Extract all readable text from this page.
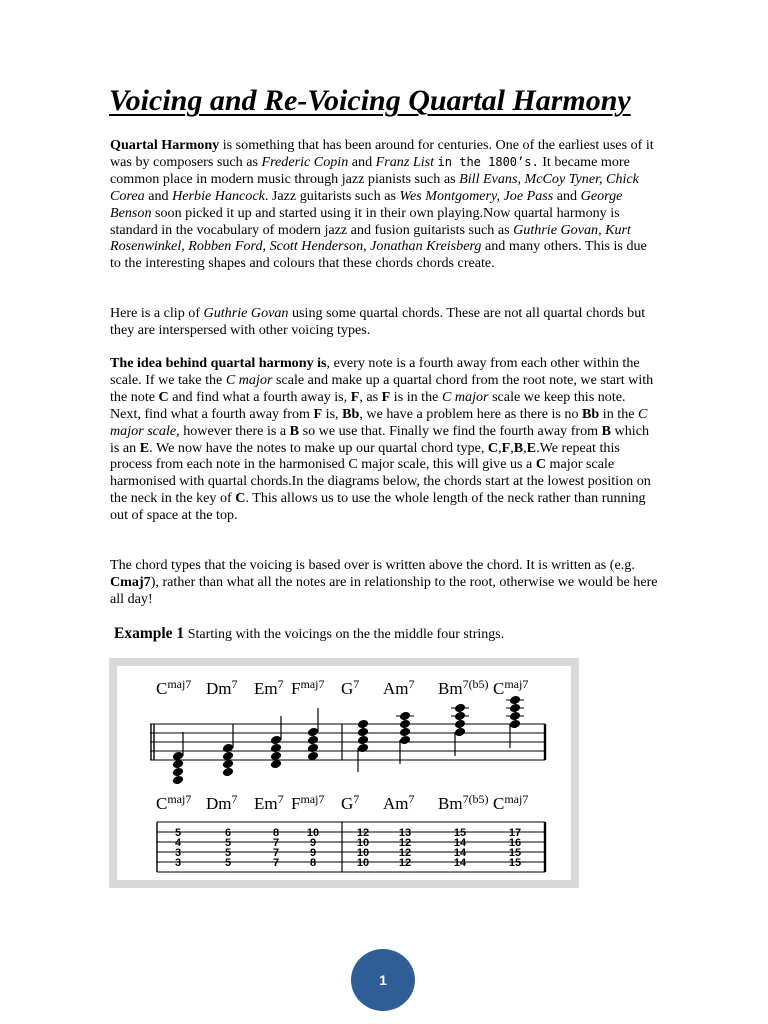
Voicing and Re-Voicing Quartal Harmony

Quartal Harmony is something that has been around for centuries. One of the earliest uses of it was by composers such as Frederic Copin and Franz List in the 1800’s. It became more common place in modern music through jazz pianists such as Bill Evans, McCoy Tyner, Chick Corea and Herbie Hancock. Jazz guitarists such as Wes Montgomery, Joe Pass and George Benson soon picked it up and started using it in their own playing.Now quartal harmony is standard in the vocabulary of modern jazz and fusion guitarists such as Guthrie Govan, Kurt Rosenwinkel, Robben Ford, Scott Henderson, Jonathan Kreisberg and many others. This is due to the interesting shapes and colours that these chords chords create.

Here is a clip of Guthrie Govan using some quartal chords. These are not all quartal chords but they are interspersed with other voicing types.

The idea behind quartal harmony is, every note is a fourth away from each other within the scale. If we take the C major scale and make up a quartal chord from the root note, we start with the note C and find what a fourth away is, F, as F is in the C major scale we keep this note. Next, find what a fourth away from F is, Bb, we have a problem here as there is no Bb in the C major scale, however there is a B so we use that. Finally we find the fourth away from B which is an E. We now have the notes to make up our quartal chord type, C,F,B,E.We repeat this process from each note in the harmonised C major scale, this will give us a C major scale harmonised with quartal chords.In the diagrams below, the chords start at the lowest position on the neck in the key of C. This allows us to use the whole length of the neck rather than running out of space at the top.

The chord types that the voicing is based over is written above the chord. It is written as (e.g. Cmaj7), rather than what all the notes are in relationship to the root, otherwise we would be here all day!

Example 1 Starting with the voicings on the the middle four strings.

$C^{maj7}$ Dm$^7$ Em$^7$ $F^{maj7}$ $G^7$ Am$^7$ $Bm^{7(b5)}$ $C^{maj7}$
$C^{maj7}$ Dm$^7$ Em$^7$ $F^{maj7}$ $G^7$ Am$^7$ $Bm^{7(b5)}$ $C^{maj7}$
5
4
3
3
6
5
5
5
8
7
7
7
10
9
9
8
12
10
10
10
13
12
12
12
15
14
14
14
17
16
15
15
1
